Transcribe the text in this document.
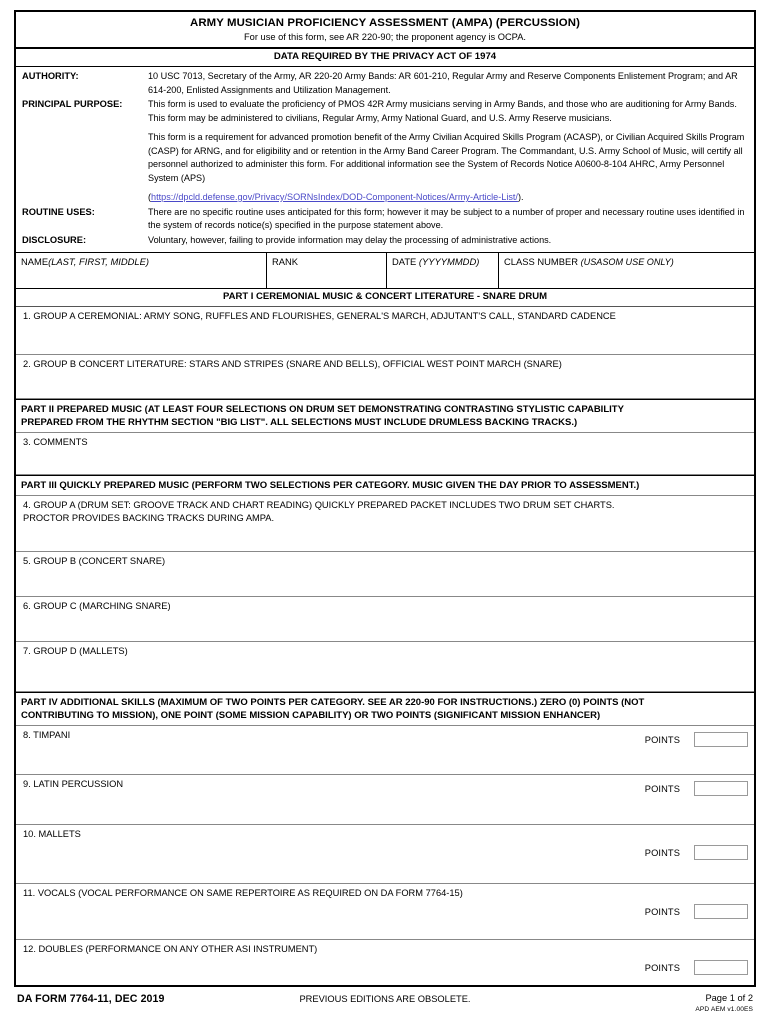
ARMY MUSICIAN PROFICIENCY ASSESSMENT (AMPA) (PERCUSSION)
For use of this form, see AR 220-90; the proponent agency is OCPA.
DATA REQUIRED BY THE PRIVACY ACT OF 1974
AUTHORITY:	10 USC 7013, Secretary of the Army, AR 220-20 Army Bands: AR 601-210, Regular Army and Reserve Components Enlistement Program; and AR 614-200, Enlisted Assignments and Utilization Management.

PRINCIPAL PURPOSE:	This form is used to evaluate the proficiency of PMOS 42R Army musicians serving in Army Bands, and those who are auditioning for Army Bands. This form may be administered to civilians, Regular Army, Army National Guard, and U.S. Army Reserve musicians.

This form is a requirement for advanced promotion benefit of the Army Civilian Acquired Skills Program (ACASP), or Civilian Acquired Skills Program (CASP) for ARNG, and for eligibility and or retention in the Army Band Career Program. The Commandant, U.S. Army School of Music, will certify all personnel authorized to administer this form. For additional information see the System of Records Notice A0600-8-104 AHRC, Army Personnel System (APS)

(https://dpcld.defense.gov/Privacy/SORNsIndex/DOD-Component-Notices/Army-Article-List/).

ROUTINE USES:	There are no specific routine uses anticipated for this form; however it may be subject to a number of proper and necessary routine uses identified in the system of records notice(s) specified in the purpose statement above.

DISCLOSURE:	Voluntary, however, failing to provide information may delay the processing of administrative actions.

NAME(LAST, FIRST, MIDDLE)	RANK	DATE (YYYYMMDD)	CLASS NUMBER (USASOM USE ONLY)
PART I CEREMONIAL MUSIC & CONCERT LITERATURE - SNARE DRUM
1. GROUP A CEREMONIAL: ARMY SONG, RUFFLES AND FLOURISHES, GENERAL'S MARCH, ADJUTANT'S CALL, STANDARD CADENCE
2. GROUP B CONCERT LITERATURE: STARS AND STRIPES (SNARE AND BELLS), OFFICIAL WEST POINT MARCH (SNARE)
PART II PREPARED MUSIC (AT LEAST FOUR SELECTIONS ON DRUM SET DEMONSTRATING CONTRASTING STYLISTIC CAPABILITY
PREPARED FROM THE RHYTHM SECTION "BIG LIST". ALL SELECTIONS MUST INCLUDE DRUMLESS BACKING TRACKS.)
3. COMMENTS
PART III QUICKLY PREPARED MUSIC (PERFORM TWO SELECTIONS PER CATEGORY. MUSIC GIVEN THE DAY PRIOR TO ASSESSMENT.)
4. GROUP A (DRUM SET: GROOVE TRACK AND CHART READING) QUICKLY PREPARED PACKET INCLUDES TWO DRUM SET CHARTS.
PROCTOR PROVIDES BACKING TRACKS DURING AMPA.
5. GROUP B (CONCERT SNARE)
6. GROUP C (MARCHING SNARE)
7. GROUP D (MALLETS)
PART IV ADDITIONAL SKILLS (MAXIMUM OF TWO POINTS PER CATEGORY. SEE AR 220-90 FOR INSTRUCTIONS.) ZERO (0) POINTS (NOT
CONTRIBUTING TO MISSION), ONE POINT (SOME MISSION CAPABILITY) OR TWO POINTS (SIGNIFICANT MISSION ENHANCER)
8. TIMPANI	POINTS
9. LATIN PERCUSSION	POINTS
10. MALLETS
POINTS
11. VOCALS (VOCAL PERFORMANCE ON SAME REPERTOIRE AS REQUIRED ON DA FORM 7764-15)
POINTS
12. DOUBLES (PERFORMANCE ON ANY OTHER ASI INSTRUMENT)
POINTS
DA FORM 7764-11, DEC 2019	PREVIOUS EDITIONS ARE OBSOLETE.	Page 1 of 2
APD AEM v1.00ES
